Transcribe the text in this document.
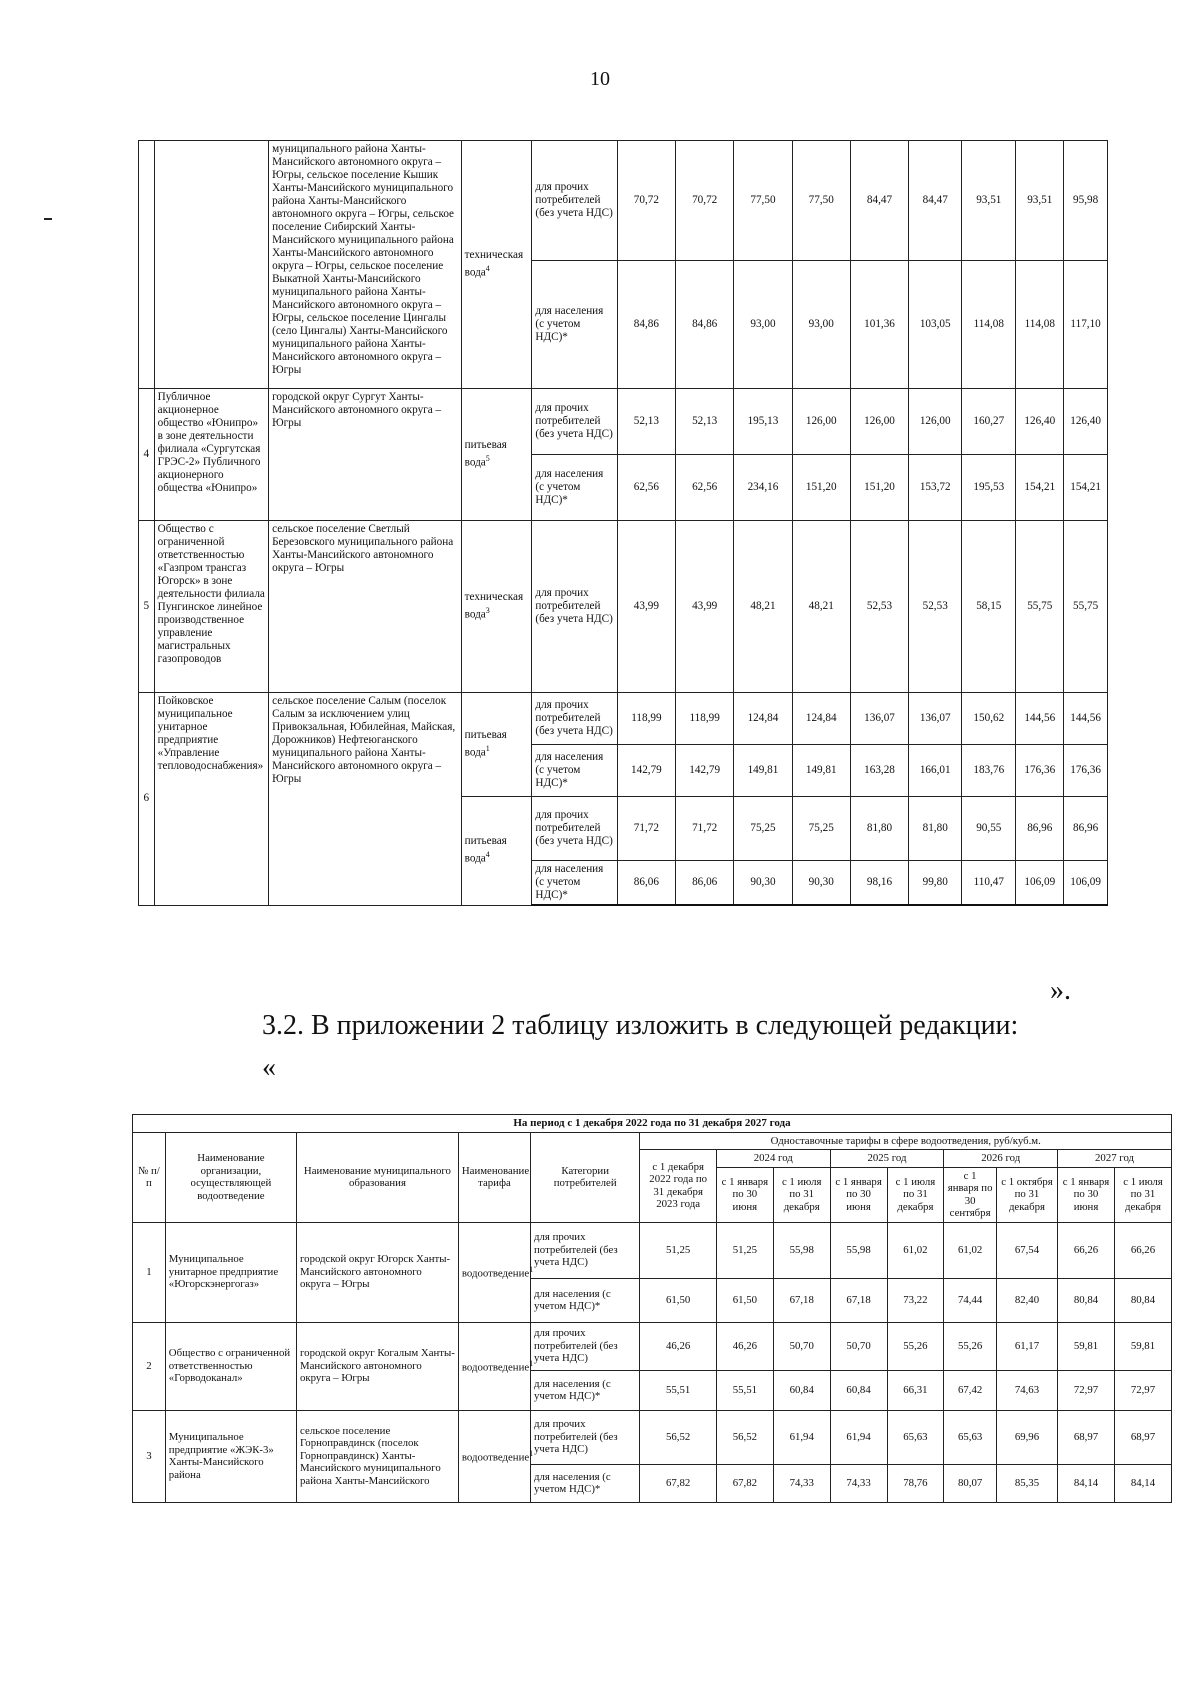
10
		муниципального района Ханты-Мансийского автономного округа – Югры, сельское поселение Кышик Ханты-Мансийского муниципального района Ханты-Мансийского автономного округа – Югры, сельское поселение Сибирский Ханты-Мансийского муниципального района Ханты-Мансийского автономного округа – Югры, сельское поселение Выкатной Ханты-Мансийского муниципального района Ханты-Мансийского автономного округа – Югры, сельское поселение Цингалы (село Цингалы) Ханты-Мансийского муниципального района Ханты-Мансийского автономного округа – Югры	техническая вода$^4$	для прочих потребителей (без учета НДС)	70,72	70,72	77,50	77,50	84,47	84,47	93,51	93,51	95,98
				для населения (с учетом НДС)*	84,86	84,86	93,00	93,00	101,36	103,05	114,08	114,08	117,10
4	Публичное акционерное общество «Юнипро» в зоне деятельности филиала «Сургутская ГРЭС-2» Публичного акционерного общества «Юнипро»	городской округ Сургут Ханты-Мансийского автономного округа – Югры	питьевая вода$^5$	для прочих потребителей (без учета НДС)	52,13	52,13	195,13	126,00	126,00	126,00	160,27	126,40	126,40
				для населения (с учетом НДС)*	62,56	62,56	234,16	151,20	151,20	153,72	195,53	154,21	154,21
5	Общество с ограниченной ответственностью «Газпром трансгаз Югорск» в зоне деятельности филиала Пунгинское линейное производственное управление магистральных газопроводов	сельское поселение Светлый Березовского муниципального района Ханты-Мансийского автономного округа – Югры	техническая вода$^3$	для прочих потребителей (без учета НДС)	43,99	43,99	48,21	48,21	52,53	52,53	58,15	55,75	55,75
6	Пойковское муниципальное унитарное предприятие «Управление тепловодоснабжения»	сельское поселение Салым (поселок Салым за исключением улиц Привокзальная, Юбилейная, Майская, Дорожников) Нефтеюганского муниципального района Ханты-Мансийского автономного округа – Югры	питьевая вода$^1$	для прочих потребителей (без учета НДС)	118,99	118,99	124,84	124,84	136,07	136,07	150,62	144,56	144,56
				для населения (с учетом НДС)*	142,79	142,79	149,81	149,81	163,28	166,01	183,76	176,36	176,36
			питьевая вода$^4$	для прочих потребителей (без учета НДС)	71,72	71,72	75,25	75,25	81,80	81,80	90,55	86,96	86,96
				для населения (с учетом НДС)*	86,06	86,06	90,30	90,30	98,16	99,80	110,47	106,09	106,09
».
3.2. В приложении 2 таблицу изложить в следующей редакции:
«
На период с 1 декабря 2022 года по 31 декабря 2027 года													
№ п/п	Наименование организации, осуществляющей водоотведение	Наименование муниципального образования	Наименование тарифа	Категории потребителей	Одноставочные тарифы в сфере водоотведения, руб/куб.м.								
					с 1 декабря 2022 года по 31 декабря 2023 года	2024 год		2025 год		2026 год		2027 год	
						с 1 января по 30 июня	с 1 июля по 31 декабря	с 1 января по 30 июня	с 1 июля по 31 декабря	с 1 января по 30 сентября	с 1 октября по 31 декабря	с 1 января по 30 июня	с 1 июля по 31 декабря
1	Муниципальное унитарное предприятие «Югорскэнергогаз»	городской округ Югорск Ханты-Мансийского автономного округа – Югры	водоотведение$^1$	для прочих потребителей (без учета НДС)	51,25	51,25	55,98	55,98	61,02	61,02	67,54	66,26	66,26
				для населения (с учетом НДС)*	61,50	61,50	67,18	67,18	73,22	74,44	82,40	80,84	80,84
2	Общество с ограниченной ответственностью «Горводоканал»	городской округ Когалым Ханты-Мансийского автономного округа – Югры	водоотведение$^1$	для прочих потребителей (без учета НДС)	46,26	46,26	50,70	50,70	55,26	55,26	61,17	59,81	59,81
				для населения (с учетом НДС)*	55,51	55,51	60,84	60,84	66,31	67,42	74,63	72,97	72,97
3	Муниципальное предприятие «ЖЭК-3» Ханты-Мансийского района	сельское поселение Горноправдинск (поселок Горноправдинск) Ханты-Мансийского муниципального района Ханты-Мансийского	водоотведение$^1$	для прочих потребителей (без учета НДС)	56,52	56,52	61,94	61,94	65,63	65,63	69,96	68,97	68,97
				для населения (с учетом НДС)*	67,82	67,82	74,33	74,33	78,76	80,07	85,35	84,14	84,14
